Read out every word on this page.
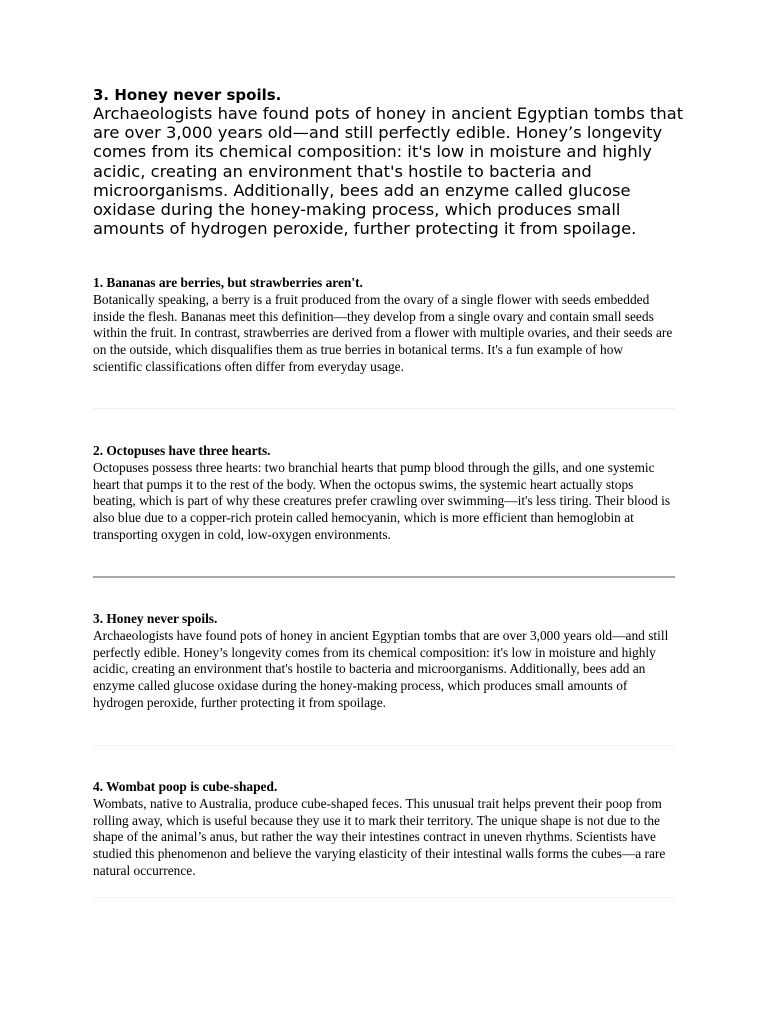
3. Honey never spoils.

Archaeologists have found pots of honey in ancient Egyptian tombs that are over 3,000 years old—and still perfectly edible. Honey’s longevity comes from its chemical composition: it's low in moisture and highly acidic, creating an environment that's hostile to bacteria and microorganisms. Additionally, bees add an enzyme called glucose oxidase during the honey-making process, which produces small amounts of hydrogen peroxide, further protecting it from spoilage.

1. Bananas are berries, but strawberries aren't.

Botanically speaking, a berry is a fruit produced from the ovary of a single flower with seeds embedded inside the flesh. Bananas meet this definition—they develop from a single ovary and contain small seeds within the fruit. In contrast, strawberries are derived from a flower with multiple ovaries, and their seeds are on the outside, which disqualifies them as true berries in botanical terms. It's a fun example of how scientific classifications often differ from everyday usage.

2. Octopuses have three hearts.

Octopuses possess three hearts: two branchial hearts that pump blood through the gills, and one systemic heart that pumps it to the rest of the body. When the octopus swims, the systemic heart actually stops beating, which is part of why these creatures prefer crawling over swimming—it's less tiring. Their blood is also blue due to a copper-rich protein called hemocyanin, which is more efficient than hemoglobin at transporting oxygen in cold, low-oxygen environments.

3. Honey never spoils.

Archaeologists have found pots of honey in ancient Egyptian tombs that are over 3,000 years old—and still perfectly edible. Honey’s longevity comes from its chemical composition: it's low in moisture and highly acidic, creating an environment that's hostile to bacteria and microorganisms. Additionally, bees add an enzyme called glucose oxidase during the honey-making process, which produces small amounts of hydrogen peroxide, further protecting it from spoilage.

4. Wombat poop is cube-shaped.

Wombats, native to Australia, produce cube-shaped feces. This unusual trait helps prevent their poop from rolling away, which is useful because they use it to mark their territory. The unique shape is not due to the shape of the animal’s anus, but rather the way their intestines contract in uneven rhythms. Scientists have studied this phenomenon and believe the varying elasticity of their intestinal walls forms the cubes—a rare natural occurrence.
